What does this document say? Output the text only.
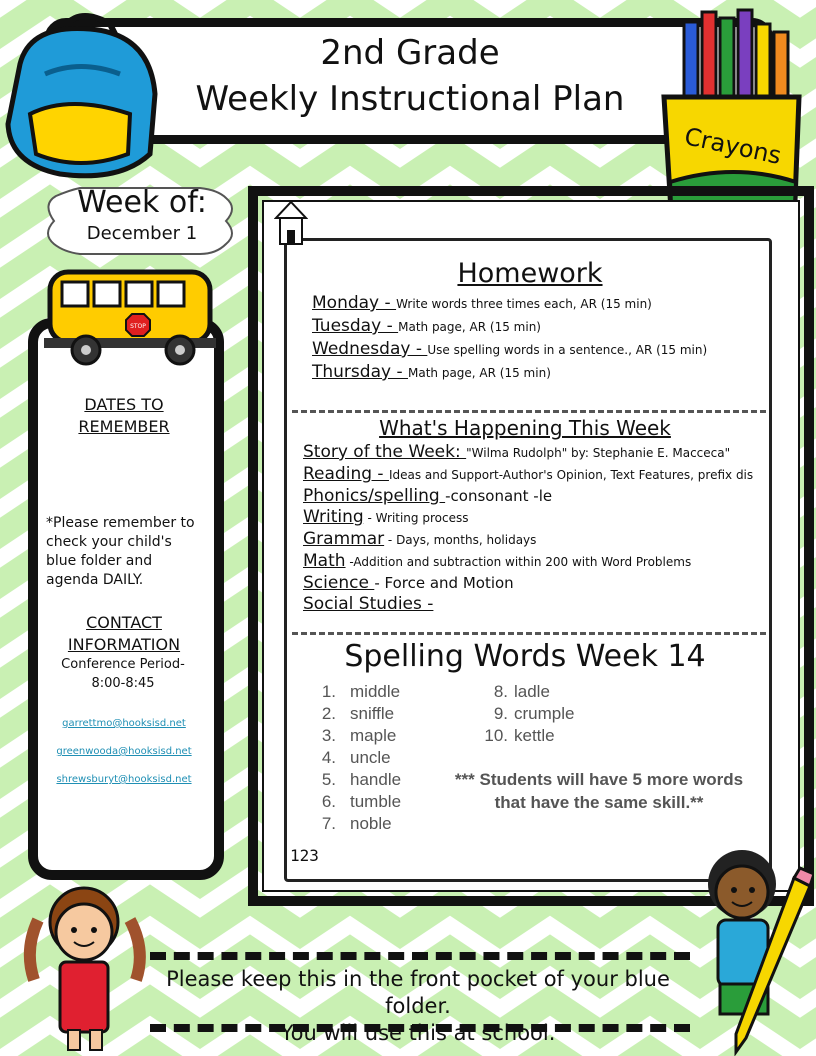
2nd Grade
Weekly Instructional Plan
Crayons
Week of:
December 1
STOP
DATES TO
REMEMBER
*Please remember to check your child's blue folder and agenda DAILY.
CONTACT
INFORMATION
Conference Period-
8:00-8:45
garrettmo@hooksisd.net
greenwooda@hooksisd.net
shrewsburyt@hooksisd.net
Homework
Monday - Write words three times each, AR (15 min)
Tuesday - Math page, AR (15 min)
Wednesday - Use spelling words in a sentence., AR (15 min)
Thursday - Math page, AR (15 min)
What's Happening This Week
Story of the Week: "Wilma Rudolph" by: Stephanie E. Macceca"
Reading - Ideas and Support-Author's Opinion, Text Features, prefix dis
Phonics/spelling -consonant -le
Writing - Writing process
Grammar - Days, months, holidays
Math -Addition and subtraction within 200 with Word Problems
Science - Force and Motion
Social Studies -
Spelling Words Week 14
1. middle
2. sniffle
3. maple
4. uncle
5. handle
6. tumble
7. noble
8. ladle
9. crumple
10. kettle
*** Students will have 5 more words
that have the same skill.**
123
Please keep this in the front pocket of your blue
folder.
You will use this at school.
